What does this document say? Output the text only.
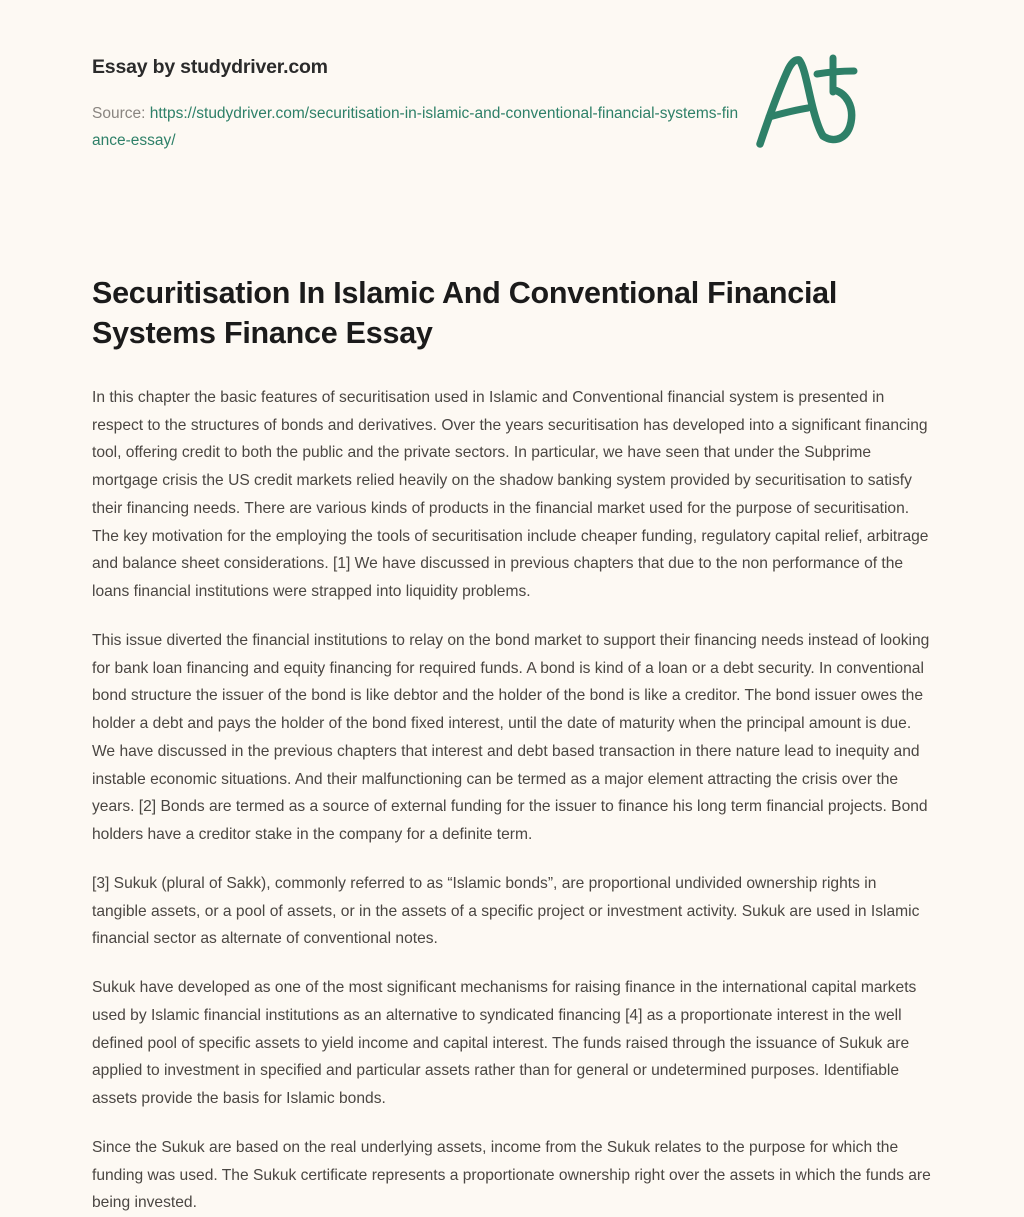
Essay by studydriver.com
Source: https://studydriver.com/securitisation-in-islamic-and-conventional-financial-systems-finance-essay/
Securitisation In Islamic And Conventional Financial Systems Finance Essay

In this chapter the basic features of securitisation used in Islamic and Conventional financial system is presented in respect to the structures of bonds and derivatives. Over the years securitisation has developed into a significant financing tool, offering credit to both the public and the private sectors. In particular, we have seen that under the Subprime mortgage crisis the US credit markets relied heavily on the shadow banking system provided by securitisation to satisfy their financing needs. There are various kinds of products in the financial market used for the purpose of securitisation. The key motivation for the employing the tools of securitisation include cheaper funding, regulatory capital relief, arbitrage and balance sheet considerations. [1] We have discussed in previous chapters that due to the non performance of the loans financial institutions were strapped into liquidity problems.

This issue diverted the financial institutions to relay on the bond market to support their financing needs instead of looking for bank loan financing and equity financing for required funds. A bond is kind of a loan or a debt security. In conventional bond structure the issuer of the bond is like debtor and the holder of the bond is like a creditor. The bond issuer owes the holder a debt and pays the holder of the bond fixed interest, until the date of maturity when the principal amount is due. We have discussed in the previous chapters that interest and debt based transaction in there nature lead to inequity and instable economic situations. And their malfunctioning can be termed as a major element attracting the crisis over the years. [2] Bonds are termed as a source of external funding for the issuer to finance his long term financial projects. Bond holders have a creditor stake in the company for a definite term.

[3] Sukuk (plural of Sakk), commonly referred to as “Islamic bonds”, are proportional undivided ownership rights in tangible assets, or a pool of assets, or in the assets of a specific project or investment activity. Sukuk are used in Islamic financial sector as alternate of conventional notes.

Sukuk have developed as one of the most significant mechanisms for raising finance in the international capital markets used by Islamic financial institutions as an alternative to syndicated financing [4] as a proportionate interest in the well defined pool of specific assets to yield income and capital interest. The funds raised through the issuance of Sukuk are applied to investment in specified and particular assets rather than for general or undetermined purposes. Identifiable assets provide the basis for Islamic bonds.

Since the Sukuk are based on the real underlying assets, income from the Sukuk relates to the purpose for which the funding was used. The Sukuk certificate represents a proportionate ownership right over the assets in which the funds are being invested.
